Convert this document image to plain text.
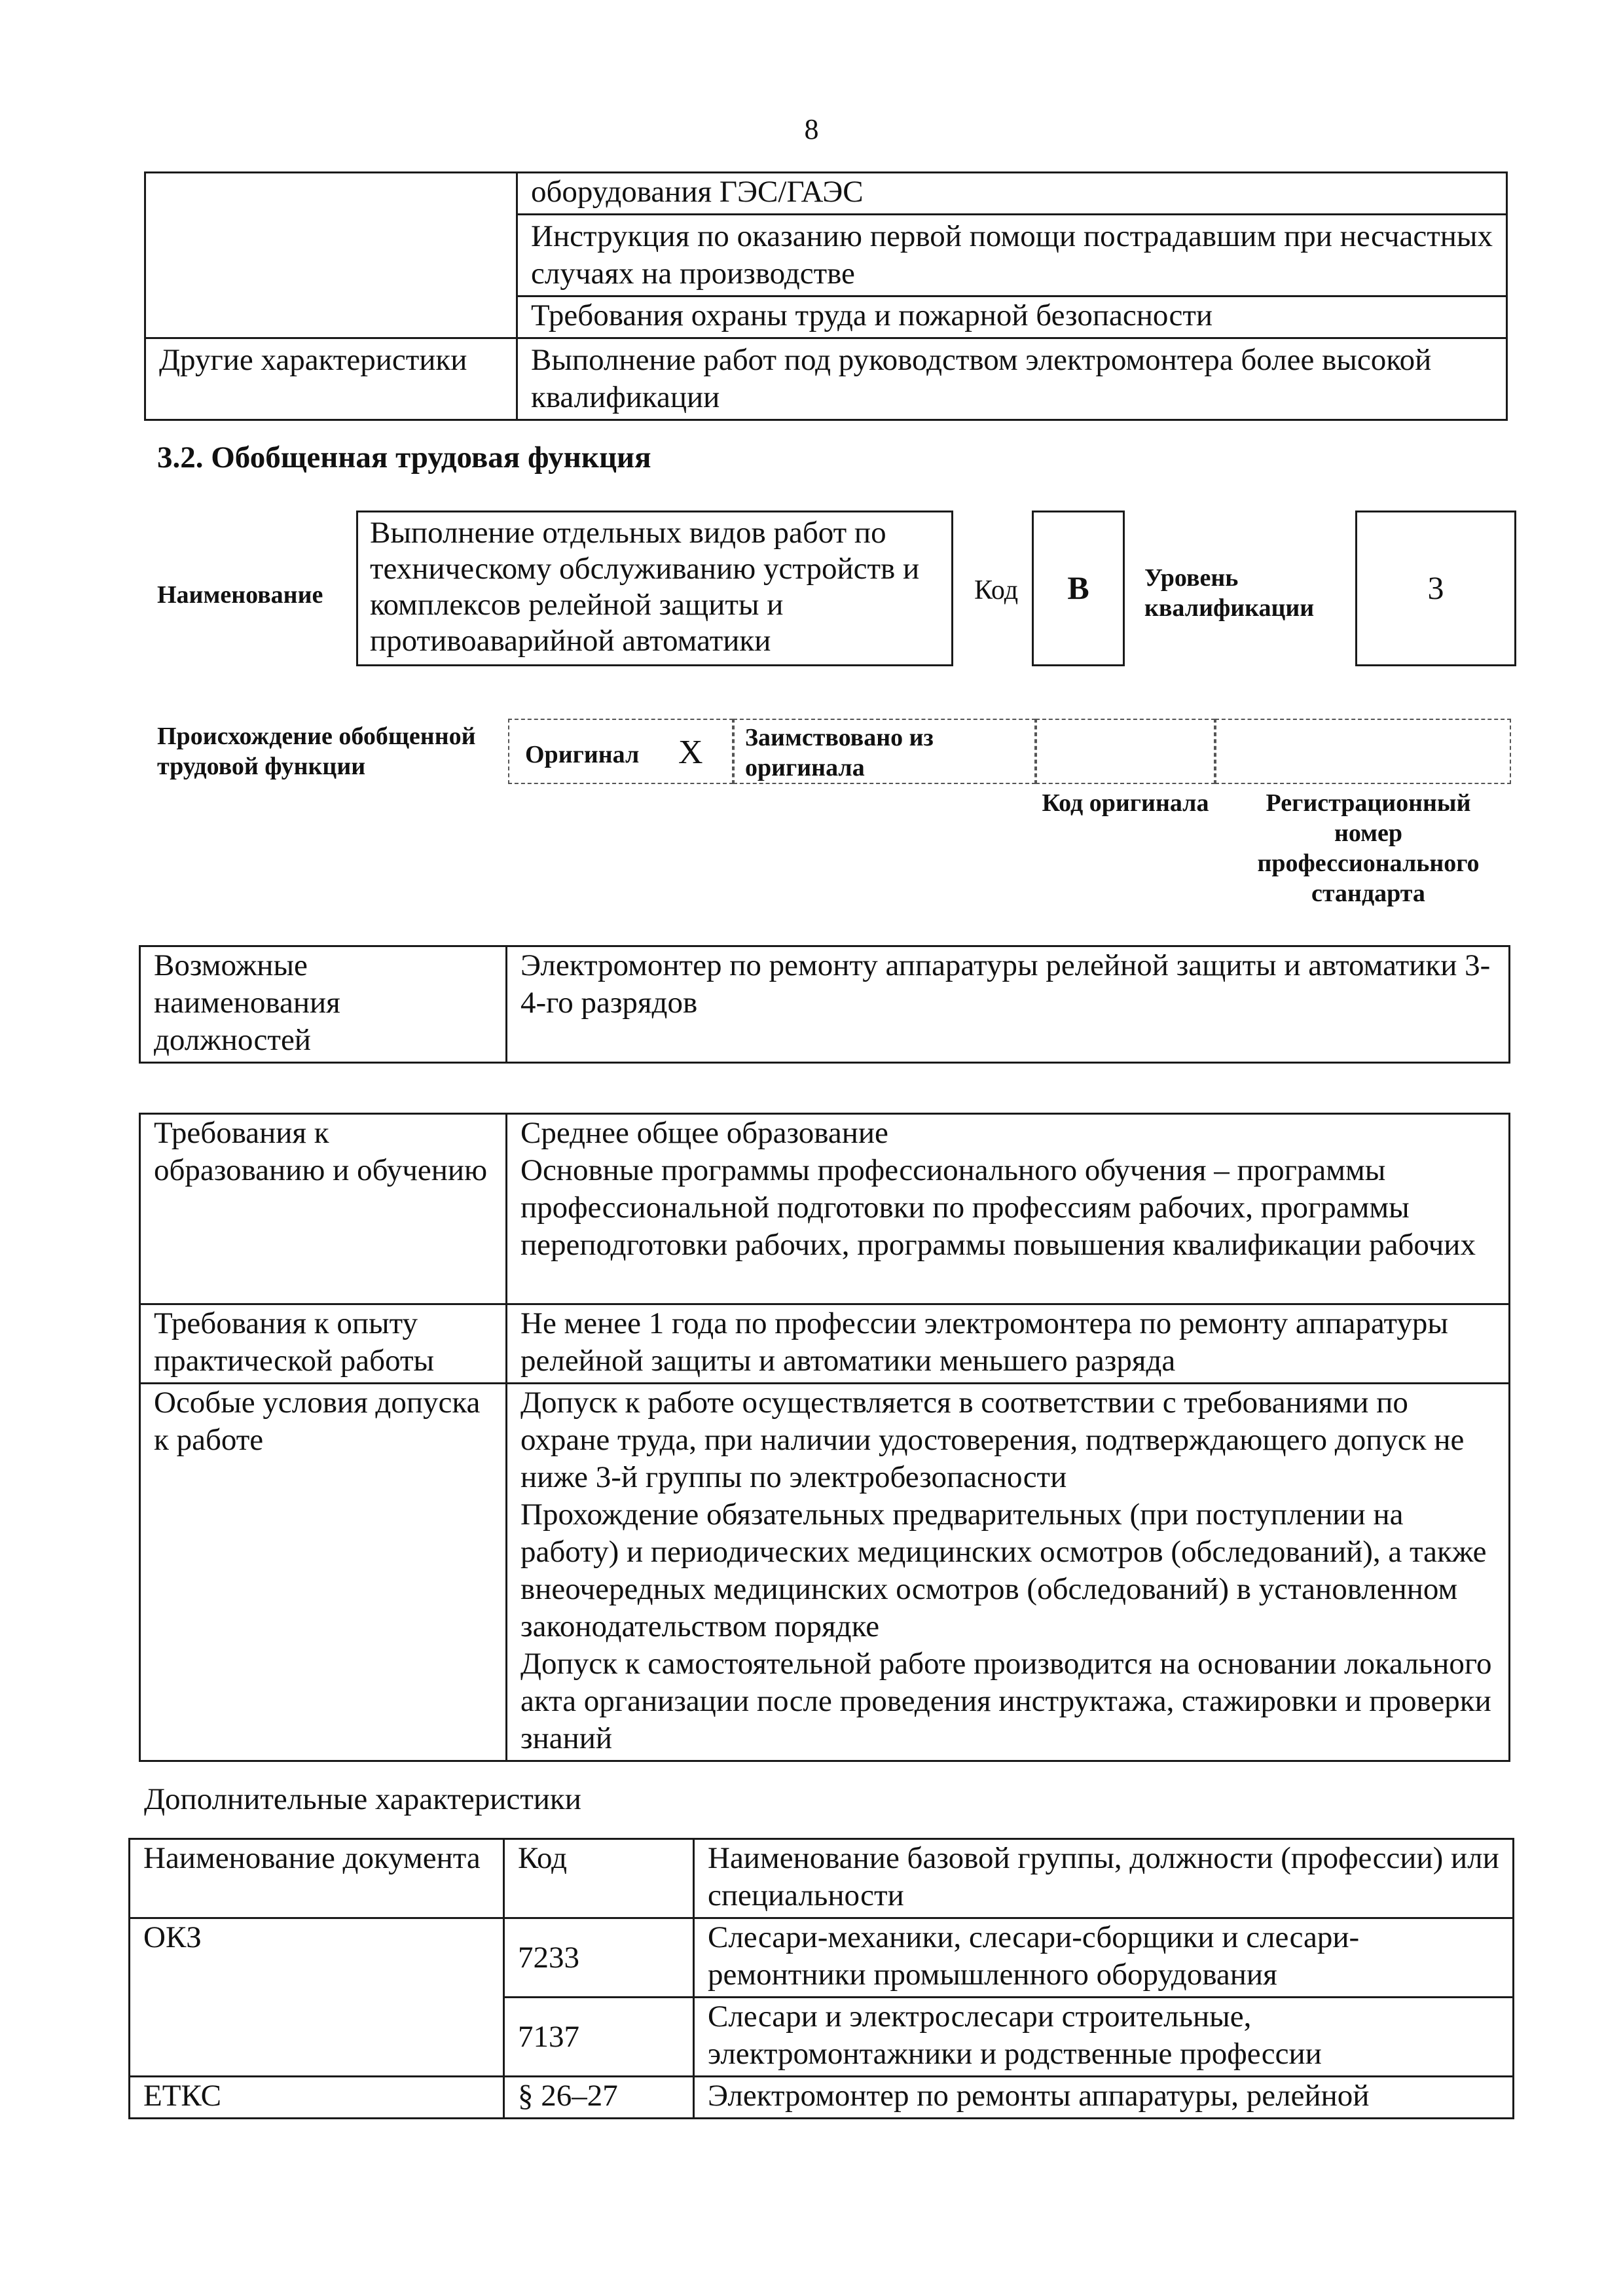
8
	оборудования ГЭС/ГАЭС
	Инструкция по оказанию первой помощи пострадавшим при несчастных случаях на производстве
	Требования охраны труда и пожарной безопасности
Другие характеристики	Выполнение работ под руководством электромонтера более высокой квалификации
3.2. Обобщенная трудовая функция
Наименование
Выполнение отдельных видов работ по техническому обслуживанию устройств и комплексов релейной защиты и противоаварийной автоматики
Код	B	Уровень квалификации
3
Происхождение обобщенной трудовой функции	Оригинал X Заимствовано из оригинала
Код оригинала	Регистрационный номер профессионального стандарта
Возможные наименования должностей	Электромонтер по ремонту аппаратуры релейной защиты и автоматики 3-4-го разрядов
Требования к образованию и обучению	Среднее общее образование
Основные программы профессионального обучения – программы профессиональной подготовки по профессиям рабочих, программы переподготовки рабочих, программы повышения квалификации рабочих

Требования к опыту практической работы	Не менее 1 года по профессии электромонтера по ремонту аппаратуры релейной защиты и автоматики меньшего разряда
Особые условия допуска к работе	Допуск к работе осуществляется в соответствии с требованиями по охране труда, при наличии удостоверения, подтверждающего допуск не ниже 3-й группы по электробезопасности
Прохождение обязательных предварительных (при поступлении на работу) и периодических медицинских осмотров (обследований), а также внеочередных медицинских осмотров (обследований) в установленном законодательством порядке
Допуск к самостоятельной работе производится на основании локального акта организации после проведения инструктажа, стажировки и проверки знаний
Дополнительные характеристики
Наименование документа	Код	Наименование базовой группы, должности (профессии) или специальности
ОКЗ	7233	Слесари-механики, слесари-сборщики и слесари-ремонтники промышленного оборудования
	7137	Слесари и электрослесари строительные, электромонтажники и родственные профессии
ЕТКС	§ 26–27	Электромонтер по ремонты аппаратуры, релейной
